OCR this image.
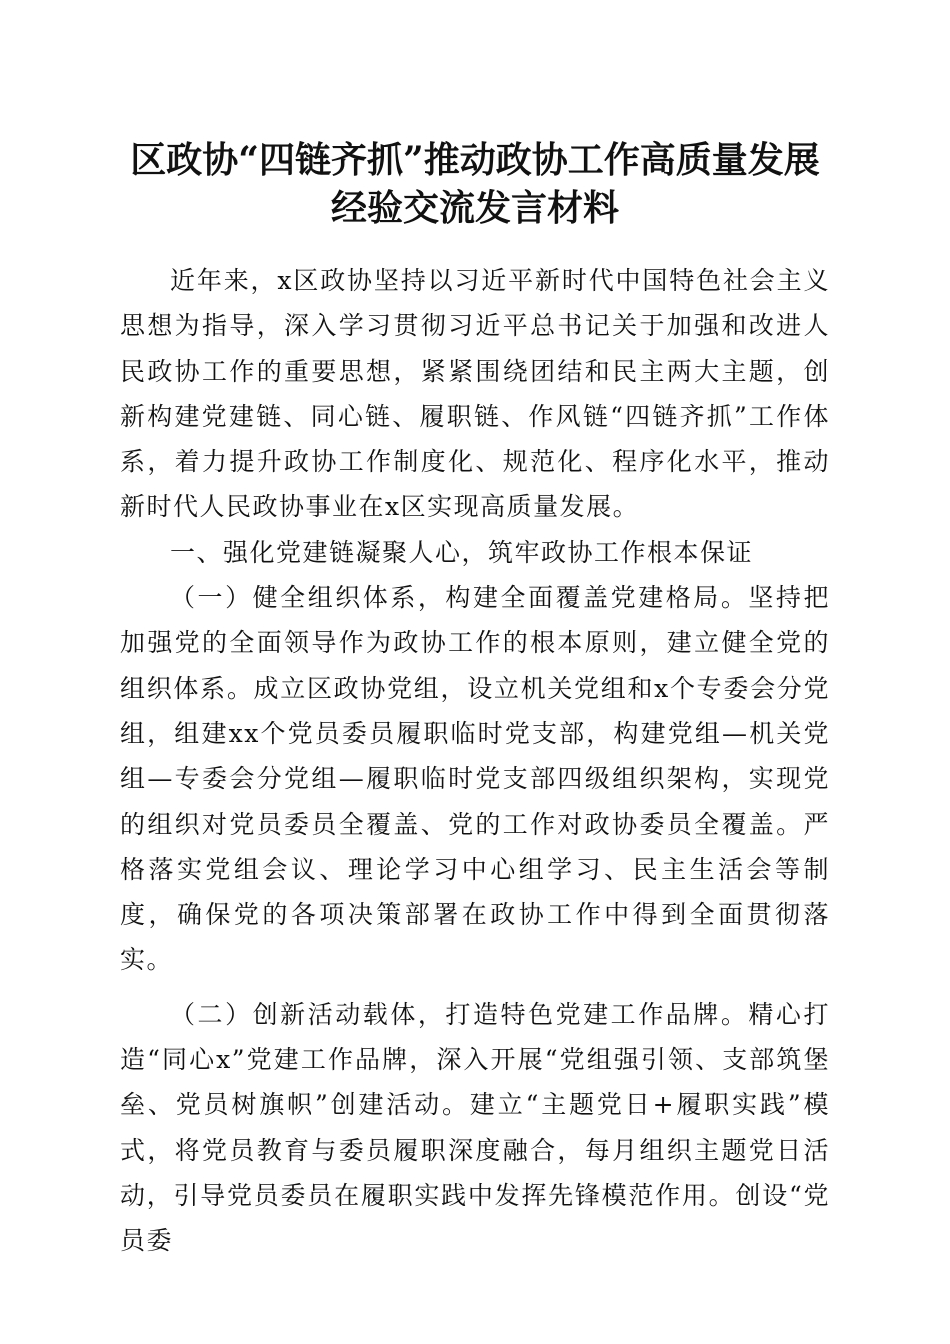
区政协“四链齐抓”推动政协工作高质量发展
经验交流发言材料

近年来，x区政协坚持以习近平新时代中国特色社会主义思想为指导，深入学习贯彻习近平总书记关于加强和改进人民政协工作的重要思想，紧紧围绕团结和民主两大主题，创新构建党建链、同心链、履职链、作风链“四链齐抓”工作体系，着力提升政协工作制度化、规范化、程序化水平，推动新时代人民政协事业在x区实现高质量发展。

一、强化党建链凝聚人心，筑牢政协工作根本保证

（一）健全组织体系，构建全面覆盖党建格局。坚持把加强党的全面领导作为政协工作的根本原则，建立健全党的组织体系。成立区政协党组，设立机关党组和x个专委会分党组，组建xx个党员委员履职临时党支部，构建党组—机关党组—专委会分党组—履职临时党支部四级组织架构，实现党的组织对党员委员全覆盖、党的工作对政协委员全覆盖。严格落实党组会议、理论学习中心组学习、民主生活会等制度，确保党的各项决策部署在政协工作中得到全面贯彻落实。

（二）创新活动载体，打造特色党建工作品牌。精心打造“同心x”党建工作品牌，深入开展“党组强引领、支部筑堡垒、党员树旗帜”创建活动。建立“主题党日+履职实践”模式，将党员教育与委员履职深度融合，每月组织主题党日活动，引导党员委员在履职实践中发挥先锋模范作用。创设“党员委
